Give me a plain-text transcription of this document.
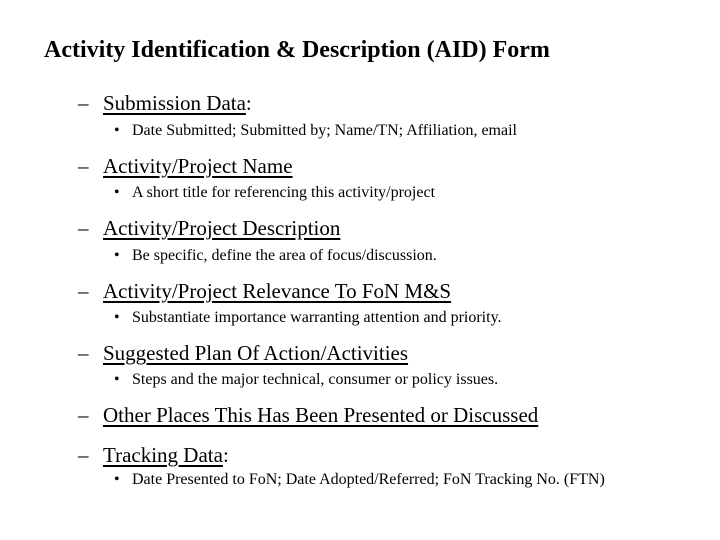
Activity Identification & Description (AID) Form
– Submission Data:
• Date Submitted; Submitted by; Name/TN; Affiliation, email
– Activity/Project Name
• A short title for referencing this activity/project
– Activity/Project Description
• Be specific, define the area of focus/discussion.
– Activity/Project Relevance To FoN M&S
• Substantiate importance warranting attention and priority.
– Suggested Plan Of Action/Activities
• Steps and the major technical, consumer or policy issues.
– Other Places This Has Been Presented or Discussed
– Tracking Data:
• Date Presented to FoN; Date Adopted/Referred; FoN Tracking No. (FTN)
